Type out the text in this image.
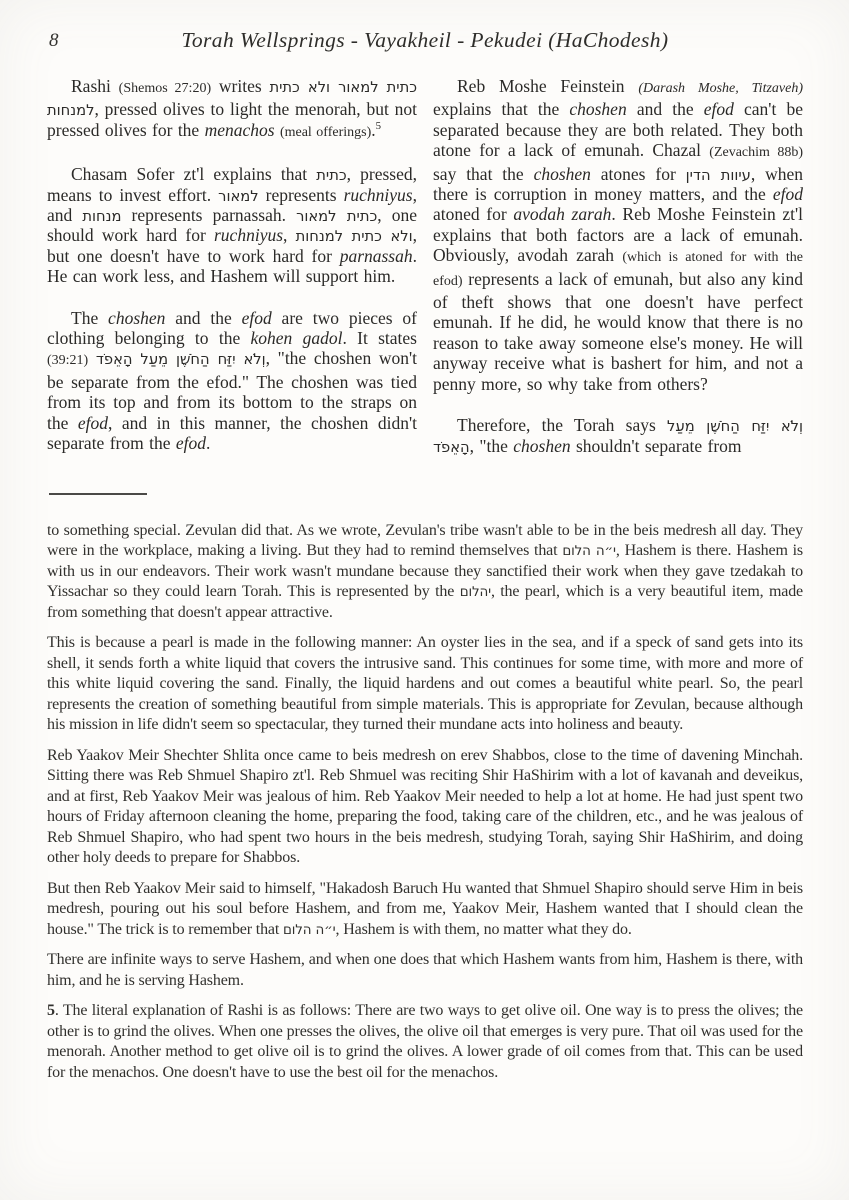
8	Torah Wellsprings - Vayakheil - Pekudei (HaChodesh)

Rashi (Shemos 27:20) writes כתית למאור ולא כתית למנחות, pressed olives to light the menorah, but not pressed olives for the menachos (meal offerings).$^5$

Chasam Sofer zt'l explains that כתית, pressed, means to invest effort. למאור represents ruchniyus, and מנחות represents parnassah. כתית למאור, one should work hard for ruchniyus, ולא כתית למנחות, but one doesn't have to work hard for parnassah. He can work less, and Hashem will support him.

The choshen and the efod are two pieces of clothing belonging to the kohen gadol. It states (39:21) וְלֹא יִזַּח הַחֹשֶׁן מֵעַל הָאֵפֹד, "the choshen won't be separate from the efod." The choshen was tied from its top and from its bottom to the straps on the efod, and in this manner, the choshen didn't separate from the efod.

Reb Moshe Feinstein (Darash Moshe, Titzaveh) explains that the choshen and the efod can't be separated because they are both related. They both atone for a lack of emunah. Chazal (Zevachim 88b) say that the choshen atones for עיוות הדין, when there is corruption in money matters, and the efod atoned for avodah zarah. Reb Moshe Feinstein zt'l explains that both factors are a lack of emunah. Obviously, avodah zarah (which is atoned for with the efod) represents a lack of emunah, but also any kind of theft shows that one doesn't have perfect emunah. If he did, he would know that there is no reason to take away someone else's money. He will anyway receive what is bashert for him, and not a penny more, so why take from others?

Therefore, the Torah says וְלֹא יִזַּח הַחֹשֶׁן מֵעַל הָאֵפֹד, "the choshen shouldn't separate from

to something special. Zevulan did that. As we wrote, Zevulan's tribe wasn't able to be in the beis medresh all day. They were in the workplace, making a living. But they had to remind themselves that י״ה הלום, Hashem is there. Hashem is with us in our endeavors. Their work wasn't mundane because they sanctified their work when they gave tzedakah to Yissachar so they could learn Torah. This is represented by the יהלום, the pearl, which is a very beautiful item, made from something that doesn't appear attractive.

This is because a pearl is made in the following manner: An oyster lies in the sea, and if a speck of sand gets into its shell, it sends forth a white liquid that covers the intrusive sand. This continues for some time, with more and more of this white liquid covering the sand. Finally, the liquid hardens and out comes a beautiful white pearl. So, the pearl represents the creation of something beautiful from simple materials. This is appropriate for Zevulan, because although his mission in life didn't seem so spectacular, they turned their mundane acts into holiness and beauty.

Reb Yaakov Meir Shechter Shlita once came to beis medresh on erev Shabbos, close to the time of davening Minchah. Sitting there was Reb Shmuel Shapiro zt'l. Reb Shmuel was reciting Shir HaShirim with a lot of kavanah and deveikus, and at first, Reb Yaakov Meir was jealous of him. Reb Yaakov Meir needed to help a lot at home. He had just spent two hours of Friday afternoon cleaning the home, preparing the food, taking care of the children, etc., and he was jealous of Reb Shmuel Shapiro, who had spent two hours in the beis medresh, studying Torah, saying Shir HaShirim, and doing other holy deeds to prepare for Shabbos.

But then Reb Yaakov Meir said to himself, "Hakadosh Baruch Hu wanted that Shmuel Shapiro should serve Him in beis medresh, pouring out his soul before Hashem, and from me, Yaakov Meir, Hashem wanted that I should clean the house." The trick is to remember that י״ה הלום, Hashem is with them, no matter what they do.

There are infinite ways to serve Hashem, and when one does that which Hashem wants from him, Hashem is there, with him, and he is serving Hashem.

5. The literal explanation of Rashi is as follows: There are two ways to get olive oil. One way is to press the olives; the other is to grind the olives. When one presses the olives, the olive oil that emerges is very pure. That oil was used for the menorah. Another method to get olive oil is to grind the olives. A lower grade of oil comes from that. This can be used for the menachos. One doesn't have to use the best oil for the menachos.
